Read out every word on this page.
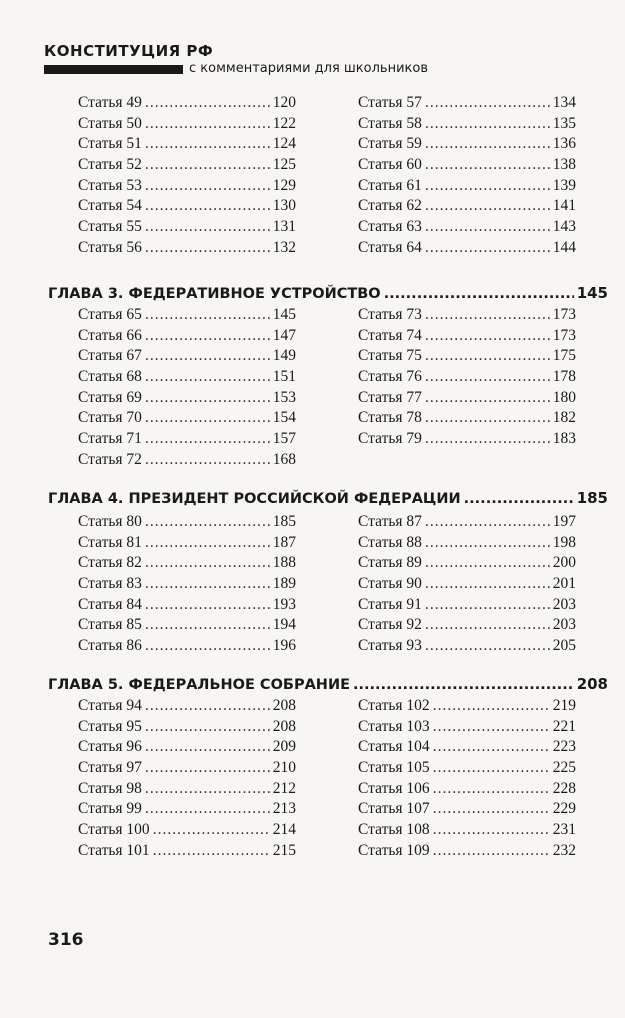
КОНСТИТУЦИЯ РФ
с комментариями для школьников
Статья 49 .....	120
Статья 50 .....	122
Статья 51 .....	124
Статья 52 .....	125
Статья 53 .....	129
Статья 54 .....	130
Статья 55 .....	131
Статья 56 .....	132
Статья 57 .....	134
Статья 58 .....	135
Статья 59 .....	136
Статья 60 .....	138
Статья 61 .....	139
Статья 62 .....	141
Статья 63 .....	143
Статья 64 .....	144
ГЛАВА 3. ФЕДЕРАТИВНОЕ УСТРОЙСТВО .....	145
Статья 65 .....	145
Статья 66 .....	147
Статья 67 .....	149
Статья 68 .....	151
Статья 69 .....	153
Статья 70 .....	154
Статья 71 .....	157
Статья 72 .....	168
Статья 73 .....	173
Статья 74 .....	173
Статья 75 .....	175
Статья 76 .....	178
Статья 77 .....	180
Статья 78 .....	182
Статья 79 .....	183
ГЛАВА 4. ПРЕЗИДЕНТ РОССИЙСКОЙ ФЕДЕРАЦИИ .....	185
Статья 80 .....	185
Статья 81 .....	187
Статья 82 .....	188
Статья 83 .....	189
Статья 84 .....	193
Статья 85 .....	194
Статья 86 .....	196
Статья 87 .....	197
Статья 88 .....	198
Статья 89 .....	200
Статья 90 .....	201
Статья 91 .....	203
Статья 92 .....	203
Статья 93 .....	205
ГЛАВА 5. ФЕДЕРАЛЬНОЕ СОБРАНИЕ .....	208
Статья 94 .....	208
Статья 95 .....	208
Статья 96 .....	209
Статья 97 .....	210
Статья 98 .....	212
Статья 99 .....	213
Статья 100 .....	214
Статья 101 .....	215
Статья 102 .....	219
Статья 103 .....	221
Статья 104 .....	223
Статья 105 .....	225
Статья 106 .....	228
Статья 107 .....	229
Статья 108 .....	231
Статья 109 .....	232
316
